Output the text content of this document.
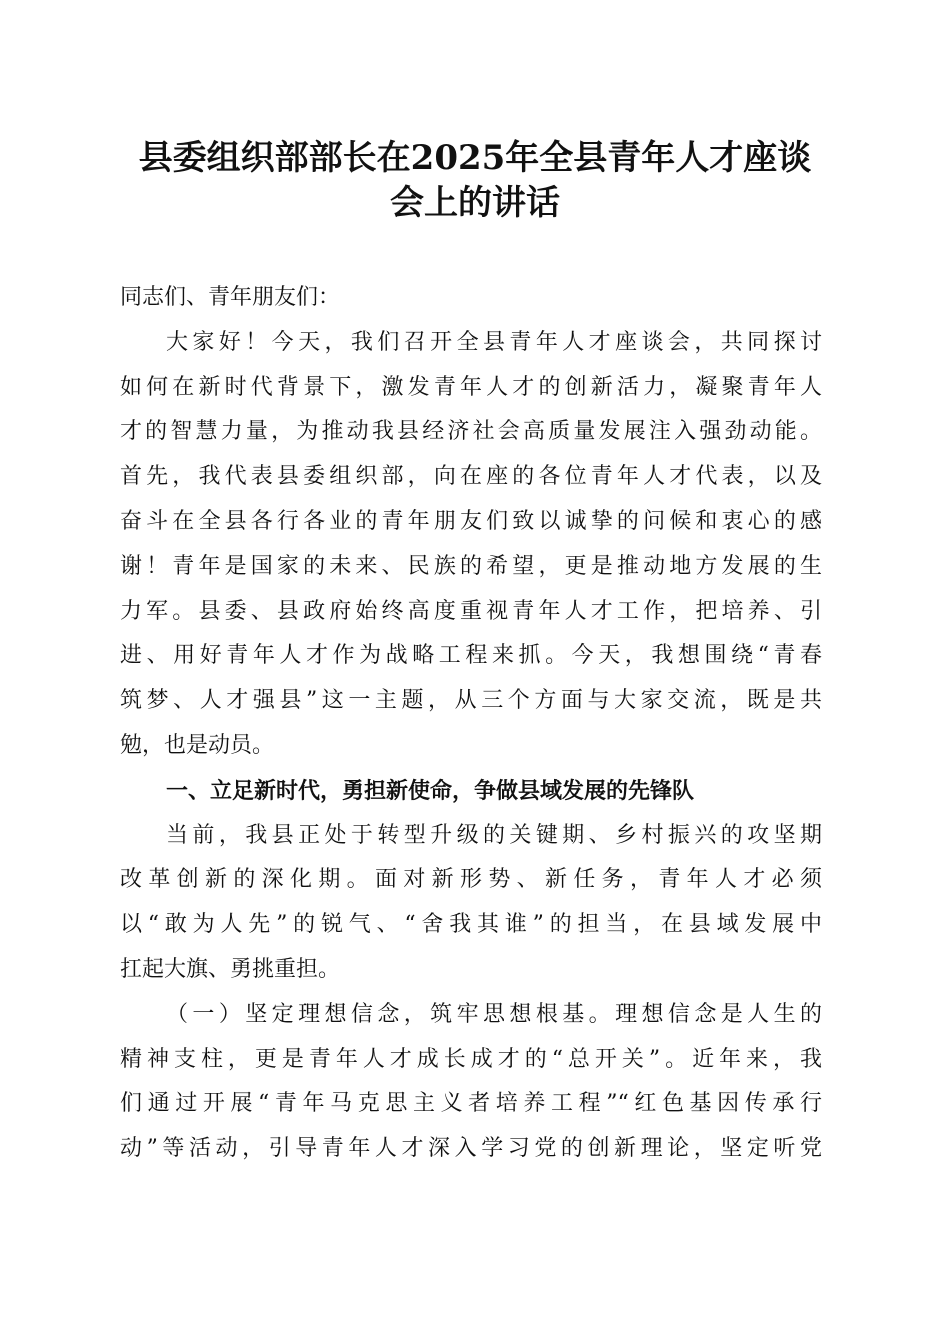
县委组织部部长在2025年全县青年人才座谈
会上的讲话
同志们、青年朋友们：
大家好！今天，我们召开全县青年人才座谈会，共同探讨
如何在新时代背景下，激发青年人才的创新活力，凝聚青年人
才的智慧力量，为推动我县经济社会高质量发展注入强劲动能。
首先，我代表县委组织部，向在座的各位青年人才代表，以及
奋斗在全县各行各业的青年朋友们致以诚挚的问候和衷心的感
谢！青年是国家的未来、民族的希望，更是推动地方发展的生
力军。县委、县政府始终高度重视青年人才工作，把培养、引
进、用好青年人才作为战略工程来抓。今天，我想围绕“青春
筑梦、人才强县”这一主题，从三个方面与大家交流，既是共
勉，也是动员。
一、立足新时代，勇担新使命，争做县域发展的先锋队
当前，我县正处于转型升级的关键期、乡村振兴的攻坚期
改革创新的深化期。面对新形势、新任务，青年人才必须
以“敢为人先”的锐气、“舍我其谁”的担当，在县域发展中
扛起大旗、勇挑重担。
（一）坚定理想信念，筑牢思想根基。理想信念是人生的
精神支柱，更是青年人才成长成才的“总开关”。近年来，我
们通过开展“青年马克思主义者培养工程”“红色基因传承行
动”等活动，引导青年人才深入学习党的创新理论，坚定听党
